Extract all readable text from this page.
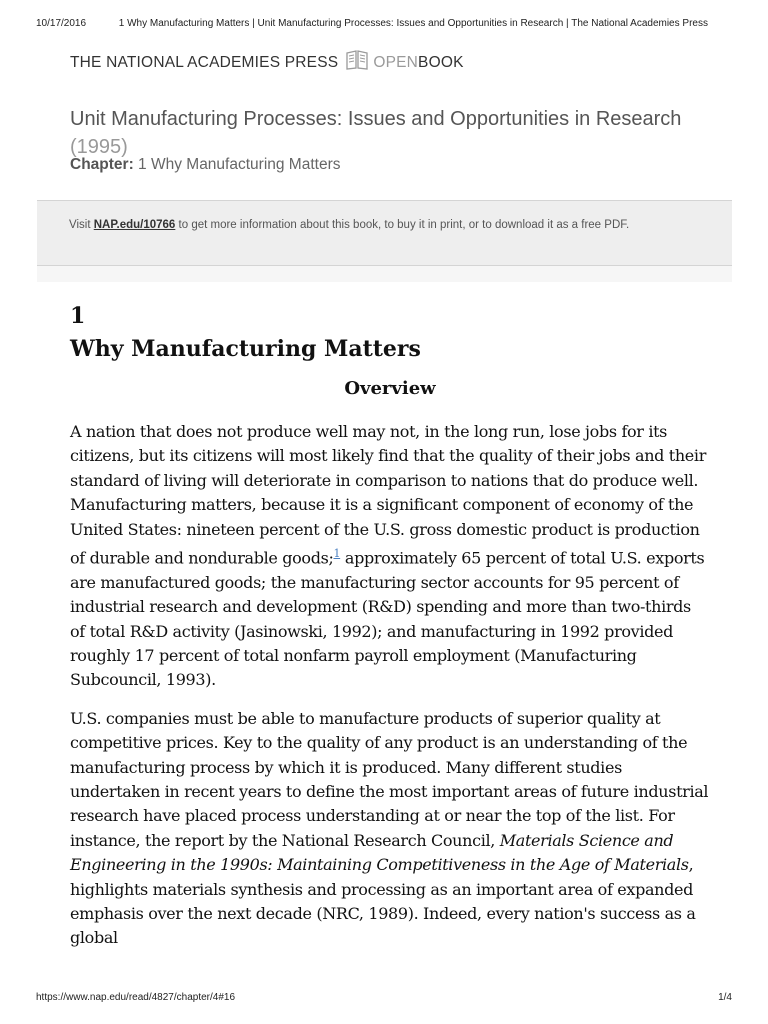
10/17/2016	1 Why Manufacturing Matters | Unit Manufacturing Processes: Issues and Opportunities in Research | The National Academies Press
THE NATIONAL ACADEMIES PRESS OPEN BOOK
Unit Manufacturing Processes: Issues and Opportunities in Research (1995)
Chapter: 1 Why Manufacturing Matters
Visit NAP.edu/10766 to get more information about this book, to buy it in print, or to download it as a free PDF.
1
Why Manufacturing Matters
Overview

A nation that does not produce well may not, in the long run, lose jobs for its citizens, but its citizens will most likely find that the quality of their jobs and their standard of living will deteriorate in comparison to nations that do produce well. Manufacturing matters, because it is a significant component of economy of the United States: nineteen percent of the U.S. gross domestic product is production of durable and nondurable goods;$^1$ approximately 65 percent of total U.S. exports are manufactured goods; the manufacturing sector accounts for 95 percent of industrial research and development (R&D) spending and more than two-thirds of total R&D activity (Jasinowski, 1992); and manufacturing in 1992 provided roughly 17 percent of total nonfarm payroll employment (Manufacturing Subcouncil, 1993).

U.S. companies must be able to manufacture products of superior quality at competitive prices. Key to the quality of any product is an understanding of the manufacturing process by which it is produced. Many different studies undertaken in recent years to define the most important areas of future industrial research have placed process understanding at or near the top of the list. For instance, the report by the National Research Council, Materials Science and Engineering in the 1990s: Maintaining Competitiveness in the Age of Materials, highlights materials synthesis and processing as an important area of expanded emphasis over the next decade (NRC, 1989). Indeed, every nation's success as a global

https://www.nap.edu/read/4827/chapter/4#16	1/4
